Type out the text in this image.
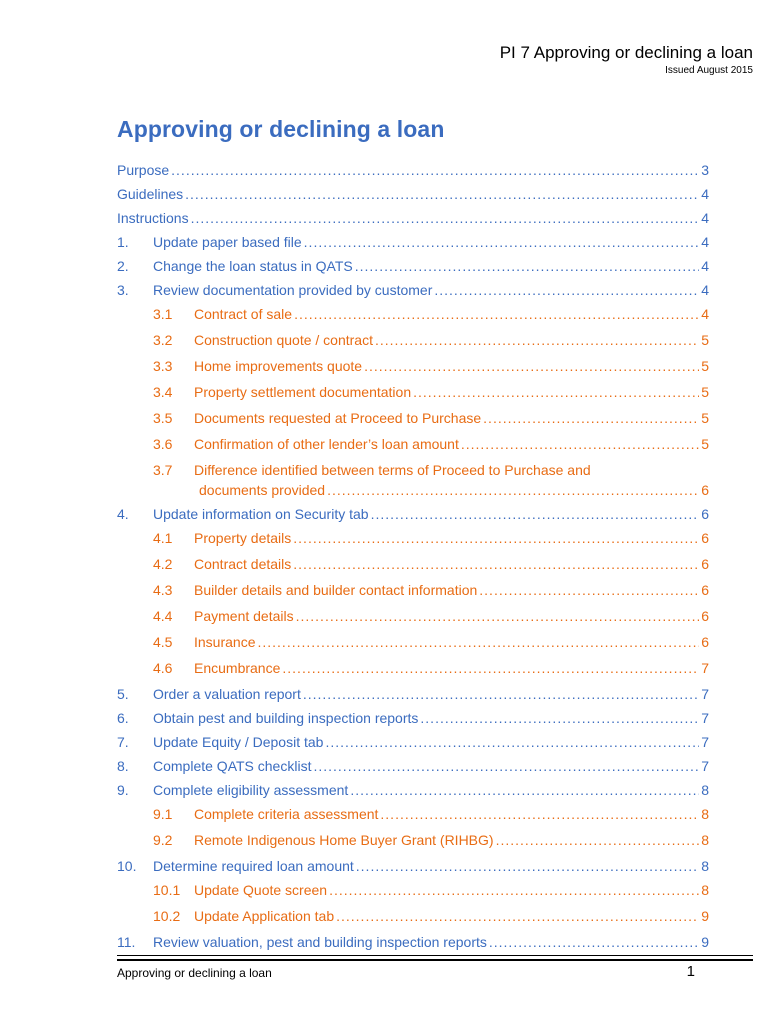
PI 7 Approving or declining a loan
Issued August 2015
Approving or declining a loan
Purpose .....	3
Guidelines .....	4
Instructions .....	4
1.	Update paper based file .....	4
2.	Change the loan status in QATS .....	4
3.	Review documentation provided by customer .....	4
3.1	Contract of sale .....	4
3.2	Construction quote / contract .....	5
3.3	Home improvements quote .....	5
3.4	Property settlement documentation .....	5
3.5	Documents requested at Proceed to Purchase .....	5
3.6	Confirmation of other lender’s loan amount .....	5
3.7	Difference identified between terms of Proceed to Purchase and
documents provided .....	6
4.	Update information on Security tab .....	6
4.1	Property details .....	6
4.2	Contract details .....	6
4.3	Builder details and builder contact information .....	6
4.4	Payment details .....	6
4.5	Insurance .....	6
4.6	Encumbrance .....	7
5.	Order a valuation report .....	7
6.	Obtain pest and building inspection reports .....	7
7.	Update Equity / Deposit tab .....	7
8.	Complete QATS checklist .....	7
9.	Complete eligibility assessment .....	8
9.1	Complete criteria assessment .....	8
9.2	Remote Indigenous Home Buyer Grant (RIHBG) .....	8
10.	Determine required loan amount .....	8
10.1 Update Quote screen .....	8
10.2 Update Application tab .....	9
11.	Review valuation, pest and building inspection reports .....	9
Approving or declining a loan	1
